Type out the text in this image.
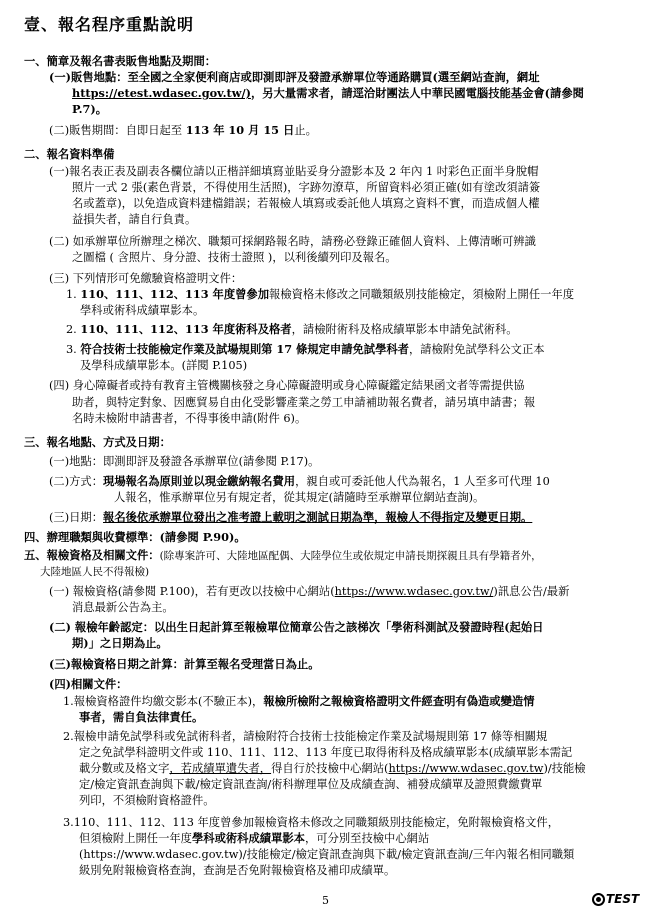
壹、報名程序重點說明
一、簡章及報名書表販售地點及期間：
(一)販售地點：至全國之全家便利商店或即測即評及發證承辦單位等通路購買(選至網站查詢，網址
https://etest.wdasec.gov.tw/)，另大量需求者，請逕洽財團法人中華民國電腦技能基金會(請參閱
P.7)。
(二)販售期間：自即日起至 113 年 10 月 15 日止。
二、報名資料準備
(一)報名表正表及副表各欄位請以正楷詳細填寫並貼妥身分證影本及 2 年內 1 吋彩色正面半身脫帽
照片一式 2 張(素色背景，不得使用生活照)，字跡勿潦草，所留資料必須正確(如有塗改須請簽
名或蓋章)，以免造成資料建檔錯誤；若報檢人填寫或委託他人填寫之資料不實，而造成個人權
益損失者，請自行負責。
(二) 如承辦單位所辦理之梯次、職類可採網路報名時，請務必登錄正確個人資料、上傳清晰可辨識
之圖檔 ( 含照片、身分證、技術士證照 )，以利後續列印及報名。
(三) 下列情形可免繳驗資格證明文件：
1. 110、111、112、113 年度曾參加報檢資格未修改之同職類級別技能檢定，須檢附上開任一年度
學科或術科成績單影本。
2. 110、111、112、113 年度術科及格者，請檢附術科及格成績單影本申請免試術科。
3. 符合技術士技能檢定作業及試場規則第 17 條規定申請免試學科者，請檢附免試學科公文正本
及學科成績單影本。(詳閱 P.105)
(四) 身心障礙者或持有教育主管機關核發之身心障礙證明或身心障礙鑑定結果函文者等需提供協
助者，與特定對象、因應貿易自由化受影響產業之勞工申請補助報名費者，請另填申請書；報
名時未檢附申請書者，不得事後申請(附件 6)。
三、報名地點、方式及日期：
(一)地點：即測即評及發證各承辦單位(請參閱 P.17)。
(二)方式：現場報名為原則並以現金繳納報名費用，親自或可委託他人代為報名，1 人至多可代理 10
人報名，惟承辦單位另有規定者，從其規定(請隨時至承辦單位網站查詢)。
(三)日期：報名後依承辦單位發出之准考證上載明之測試日期為準，報檢人不得指定及變更日期。
四、辦理職類與收費標準：(請參閱 P.90)。
五、報檢資格及相關文件：(除專案許可、大陸地區配偶、大陸學位生或依規定申請長期探親且具有學籍者外，
大陸地區人民不得報檢)
(一) 報檢資格(請參閱 P.100)，若有更改以技檢中心網站(https://www.wdasec.gov.tw/)訊息公告/最新
消息最新公告為主。
(二) 報檢年齡認定：以出生日起計算至報檢單位簡章公告之該梯次「學術科測試及發證時程(起始日
期)」之日期為止。
(三)報檢資格日期之計算：計算至報名受理當日為止。
(四)相關文件：
1.報檢資格證件均繳交影本(不驗正本)，報檢所檢附之報檢資格證明文件經查明有偽造或變造情
事者，需自負法律責任。
2.報檢申請免試學科或免試術科者，請檢附符合技術士技能檢定作業及試場規則第 17 條等相關規
定之免試學科證明文件或 110、111、112、113 年度已取得術科及格成績單影本(成績單影本需記
載分數或及格文字，若成績單遺失者，得自行於技檢中心網站(https://www.wdasec.gov.tw)/技能檢
定/檢定資訊查詢與下載/檢定資訊查詢/術科辦理單位及成績查詢、補發成績單及證照費繳費單
列印，不須檢附資格證件。
3.110、111、112、113 年度曾參加報檢資格未修改之同職類級別技能檢定，免附報檢資格文件，
但須檢附上開任一年度學科或術科成績單影本，可分別至技檢中心網站
(https://www.wdasec.gov.tw)/技能檢定/檢定資訊查詢與下載/檢定資訊查詢/三年內報名相同職類
級別免附報檢資格查詢，查詢是否免附報檢資格及補印成績單。
5	TEST
